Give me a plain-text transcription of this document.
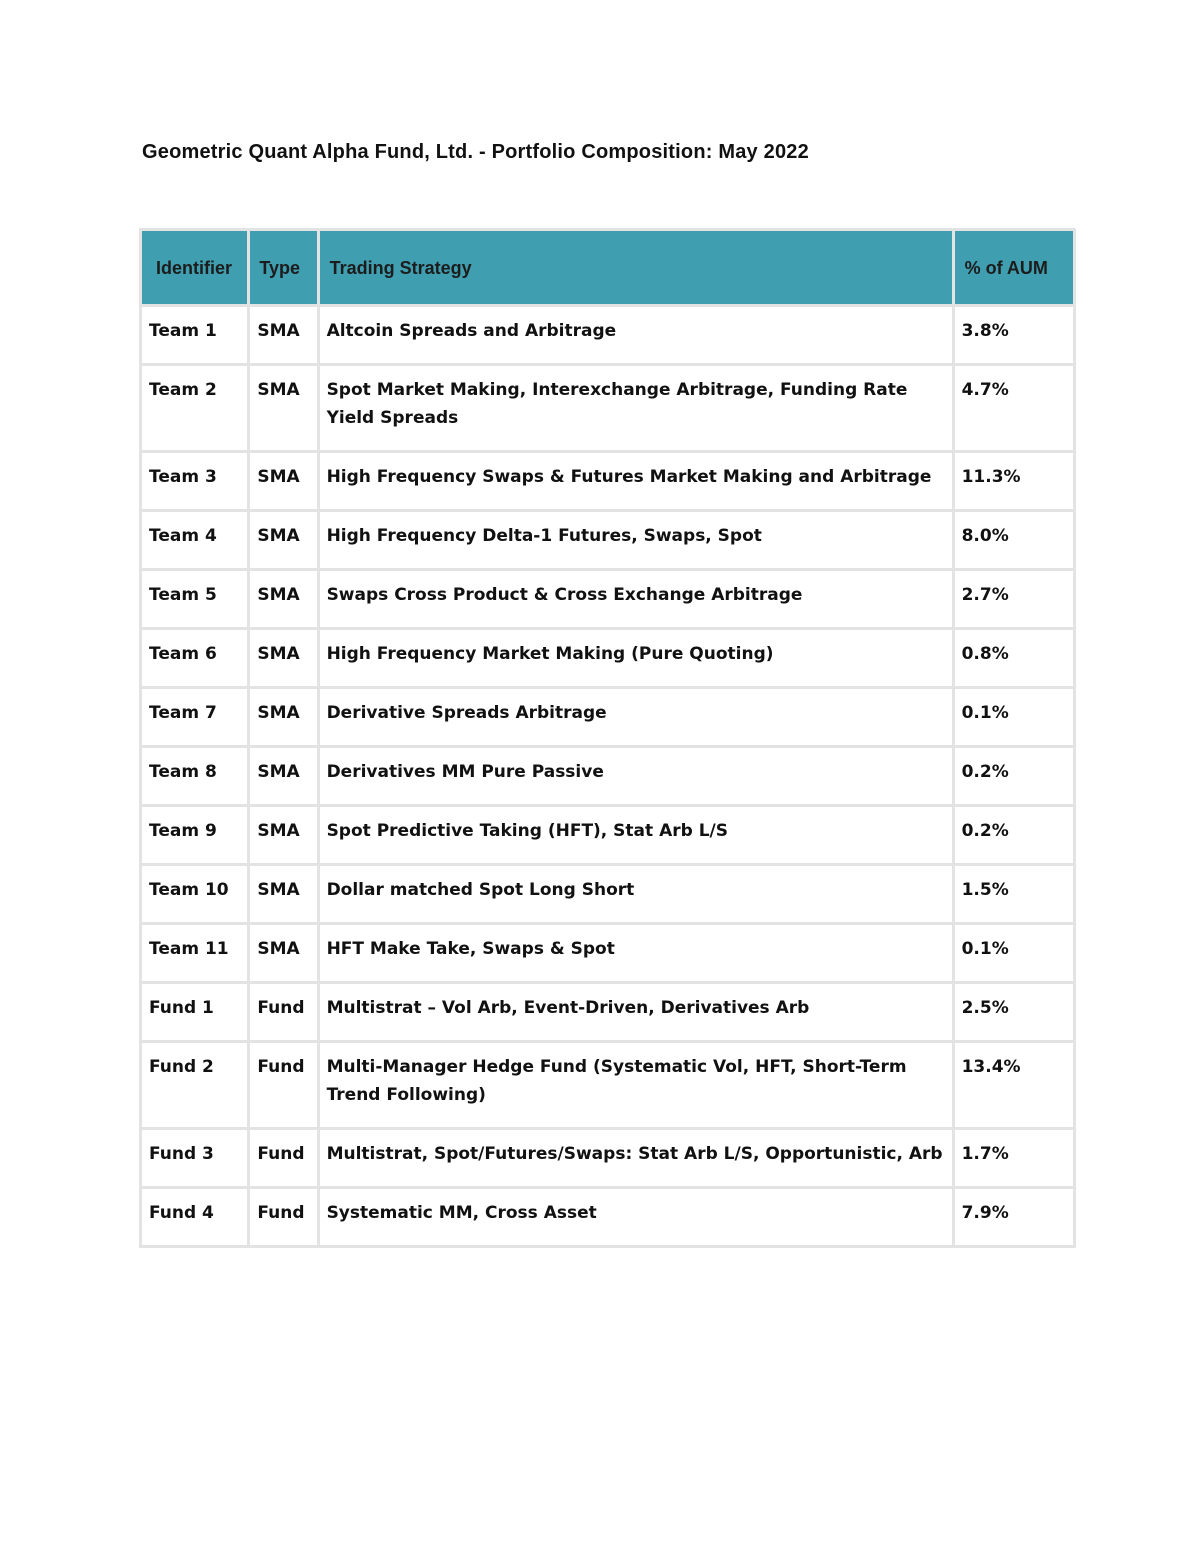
Geometric Quant Alpha Fund, Ltd. - Portfolio Composition: May 2022
Identifier	Type	Trading Strategy	% of AUM
Team 1	SMA	Altcoin Spreads and Arbitrage	3.8%
Team 2	SMA	Spot Market Making, Interexchange Arbitrage, Funding Rate Yield Spreads	4.7%
Team 3	SMA	High Frequency Swaps & Futures Market Making and Arbitrage	11.3%
Team 4	SMA	High Frequency Delta-1 Futures, Swaps, Spot	8.0%
Team 5	SMA	Swaps Cross Product & Cross Exchange Arbitrage	2.7%
Team 6	SMA	High Frequency Market Making (Pure Quoting)	0.8%
Team 7	SMA	Derivative Spreads Arbitrage	0.1%
Team 8	SMA	Derivatives MM Pure Passive	0.2%
Team 9	SMA	Spot Predictive Taking (HFT), Stat Arb L/S	0.2%
Team 10	SMA	Dollar matched Spot Long Short	1.5%
Team 11	SMA	HFT Make Take, Swaps & Spot	0.1%
Fund 1	Fund	Multistrat – Vol Arb, Event-Driven, Derivatives Arb	2.5%
Fund 2	Fund	Multi-Manager Hedge Fund (Systematic Vol, HFT, Short-Term Trend Following)	13.4%
Fund 3	Fund	Multistrat, Spot/Futures/Swaps: Stat Arb L/S, Opportunistic, Arb	1.7%
Fund 4	Fund	Systematic MM, Cross Asset	7.9%
